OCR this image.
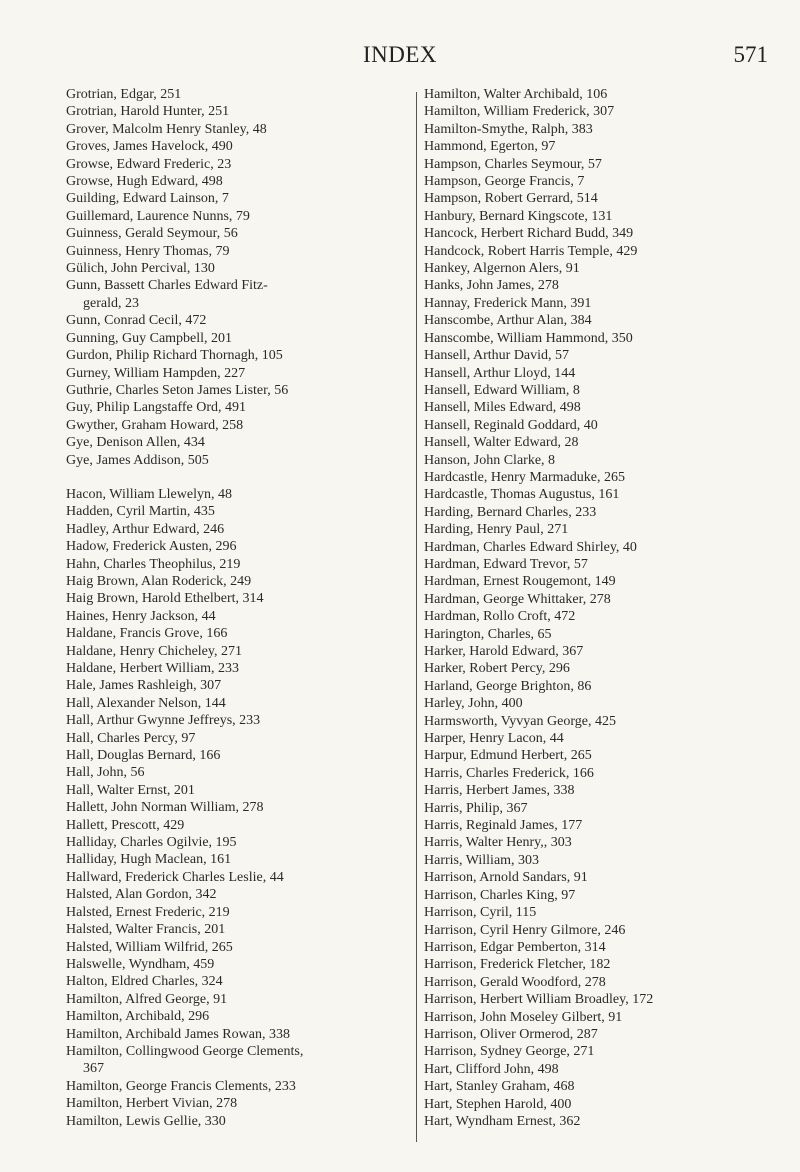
INDEX	571
Grotrian, Edgar, 251
Grotrian, Harold Hunter, 251
Grover, Malcolm Henry Stanley, 48
Groves, James Havelock, 490
Growse, Edward Frederic, 23
Growse, Hugh Edward, 498
Guilding, Edward Lainson, 7
Guillemard, Laurence Nunns, 79
Guinness, Gerald Seymour, 56
Guinness, Henry Thomas, 79
Gülich, John Percival, 130
Gunn, Bassett Charles Edward Fitz-
gerald, 23
Gunn, Conrad Cecil, 472
Gunning, Guy Campbell, 201
Gurdon, Philip Richard Thornagh, 105
Gurney, William Hampden, 227
Guthrie, Charles Seton James Lister, 56
Guy, Philip Langstaffe Ord, 491
Gwyther, Graham Howard, 258
Gye, Denison Allen, 434
Gye, James Addison, 505
Hacon, William Llewelyn, 48
Hadden, Cyril Martin, 435
Hadley, Arthur Edward, 246
Hadow, Frederick Austen, 296
Hahn, Charles Theophilus, 219
Haig Brown, Alan Roderick, 249
Haig Brown, Harold Ethelbert, 314
Haines, Henry Jackson, 44
Haldane, Francis Grove, 166
Haldane, Henry Chicheley, 271
Haldane, Herbert William, 233
Hale, James Rashleigh, 307
Hall, Alexander Nelson, 144
Hall, Arthur Gwynne Jeffreys, 233
Hall, Charles Percy, 97
Hall, Douglas Bernard, 166
Hall, John, 56
Hall, Walter Ernst, 201
Hallett, John Norman William, 278
Hallett, Prescott, 429
Halliday, Charles Ogilvie, 195
Halliday, Hugh Maclean, 161
Hallward, Frederick Charles Leslie, 44
Halsted, Alan Gordon, 342
Halsted, Ernest Frederic, 219
Halsted, Walter Francis, 201
Halsted, William Wilfrid, 265
Halswelle, Wyndham, 459
Halton, Eldred Charles, 324
Hamilton, Alfred George, 91
Hamilton, Archibald, 296
Hamilton, Archibald James Rowan, 338
Hamilton, Collingwood George Clements,
367
Hamilton, George Francis Clements, 233
Hamilton, Herbert Vivian, 278
Hamilton, Lewis Gellie, 330
Hamilton, Walter Archibald, 106
Hamilton, William Frederick, 307
Hamilton-Smythe, Ralph, 383
Hammond, Egerton, 97
Hampson, Charles Seymour, 57
Hampson, George Francis, 7
Hampson, Robert Gerrard, 514
Hanbury, Bernard Kingscote, 131
Hancock, Herbert Richard Budd, 349
Handcock, Robert Harris Temple, 429
Hankey, Algernon Alers, 91
Hanks, John James, 278
Hannay, Frederick Mann, 391
Hanscombe, Arthur Alan, 384
Hanscombe, William Hammond, 350
Hansell, Arthur David, 57
Hansell, Arthur Lloyd, 144
Hansell, Edward William, 8
Hansell, Miles Edward, 498
Hansell, Reginald Goddard, 40
Hansell, Walter Edward, 28
Hanson, John Clarke, 8
Hardcastle, Henry Marmaduke, 265
Hardcastle, Thomas Augustus, 161
Harding, Bernard Charles, 233
Harding, Henry Paul, 271
Hardman, Charles Edward Shirley, 40
Hardman, Edward Trevor, 57
Hardman, Ernest Rougemont, 149
Hardman, George Whittaker, 278
Hardman, Rollo Croft, 472
Harington, Charles, 65
Harker, Harold Edward, 367
Harker, Robert Percy, 296
Harland, George Brighton, 86
Harley, John, 400
Harmsworth, Vyvyan George, 425
Harper, Henry Lacon, 44
Harpur, Edmund Herbert, 265
Harris, Charles Frederick, 166
Harris, Herbert James, 338
Harris, Philip, 367
Harris, Reginald James, 177
Harris, Walter Henry,, 303
Harris, William, 303
Harrison, Arnold Sandars, 91
Harrison, Charles King, 97
Harrison, Cyril, 115
Harrison, Cyril Henry Gilmore, 246
Harrison, Edgar Pemberton, 314
Harrison, Frederick Fletcher, 182
Harrison, Gerald Woodford, 278
Harrison, Herbert William Broadley, 172
Harrison, John Moseley Gilbert, 91
Harrison, Oliver Ormerod, 287
Harrison, Sydney George, 271
Hart, Clifford John, 498
Hart, Stanley Graham, 468
Hart, Stephen Harold, 400
Hart, Wyndham Ernest, 362
